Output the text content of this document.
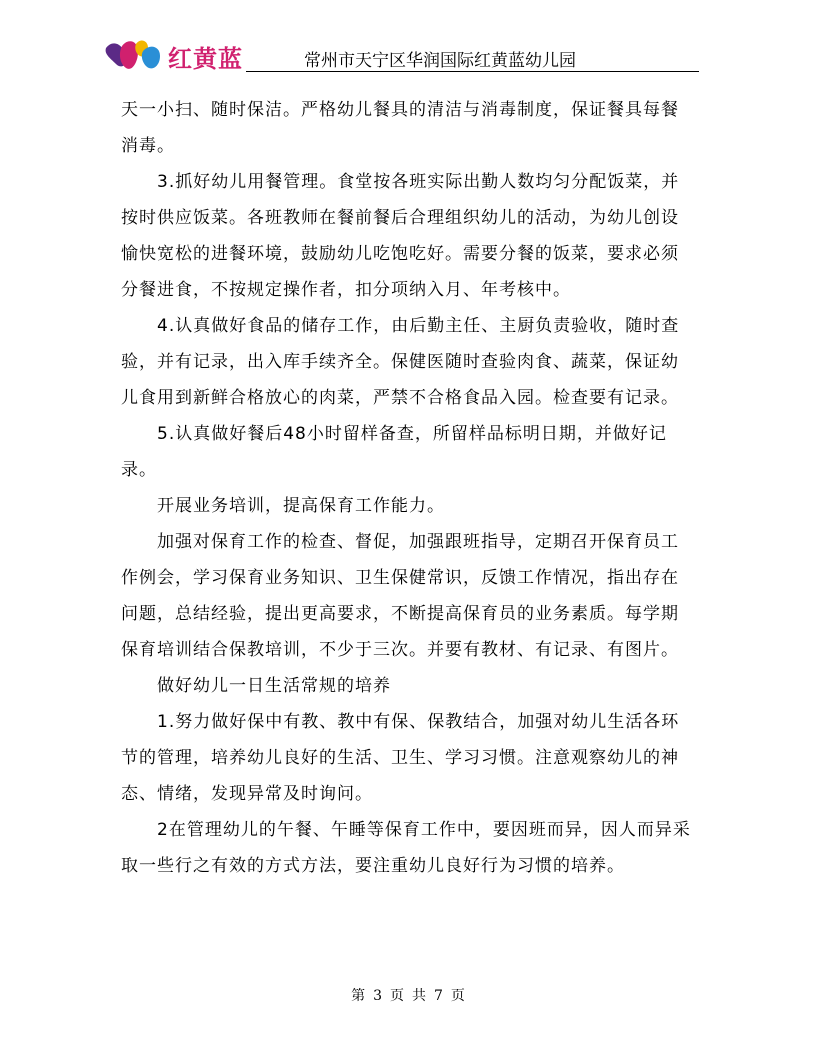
红黄蓝	常州市天宁区华润国际红黄蓝幼儿园

天一小扫、随时保洁。严格幼儿餐具的清洁与消毒制度，保证餐具每餐消毒。

3.抓好幼儿用餐管理。食堂按各班实际出勤人数均匀分配饭菜，并按时供应饭菜。各班教师在餐前餐后合理组织幼儿的活动，为幼儿创设愉快宽松的进餐环境，鼓励幼儿吃饱吃好。需要分餐的饭菜，要求必须分餐进食，不按规定操作者，扣分项纳入月、年考核中。

4.认真做好食品的储存工作，由后勤主任、主厨负责验收，随时查验，并有记录，出入库手续齐全。保健医随时查验肉食、蔬菜，保证幼儿食用到新鲜合格放心的肉菜，严禁不合格食品入园。检查要有记录。

5.认真做好餐后48小时留样备查，所留样品标明日期，并做好记录。

开展业务培训，提高保育工作能力。

加强对保育工作的检查、督促，加强跟班指导，定期召开保育员工作例会，学习保育业务知识、卫生保健常识，反馈工作情况，指出存在问题，总结经验，提出更高要求，不断提高保育员的业务素质。每学期保育培训结合保教培训，不少于三次。并要有教材、有记录、有图片。

做好幼儿一日生活常规的培养

1.努力做好保中有教、教中有保、保教结合，加强对幼儿生活各环节的管理，培养幼儿良好的生活、卫生、学习习惯。注意观察幼儿的神态、情绪，发现异常及时询问。

2在管理幼儿的午餐、午睡等保育工作中，要因班而异，因人而异采取一些行之有效的方式方法，要注重幼儿良好行为习惯的培养。

第 3 页 共 7 页
